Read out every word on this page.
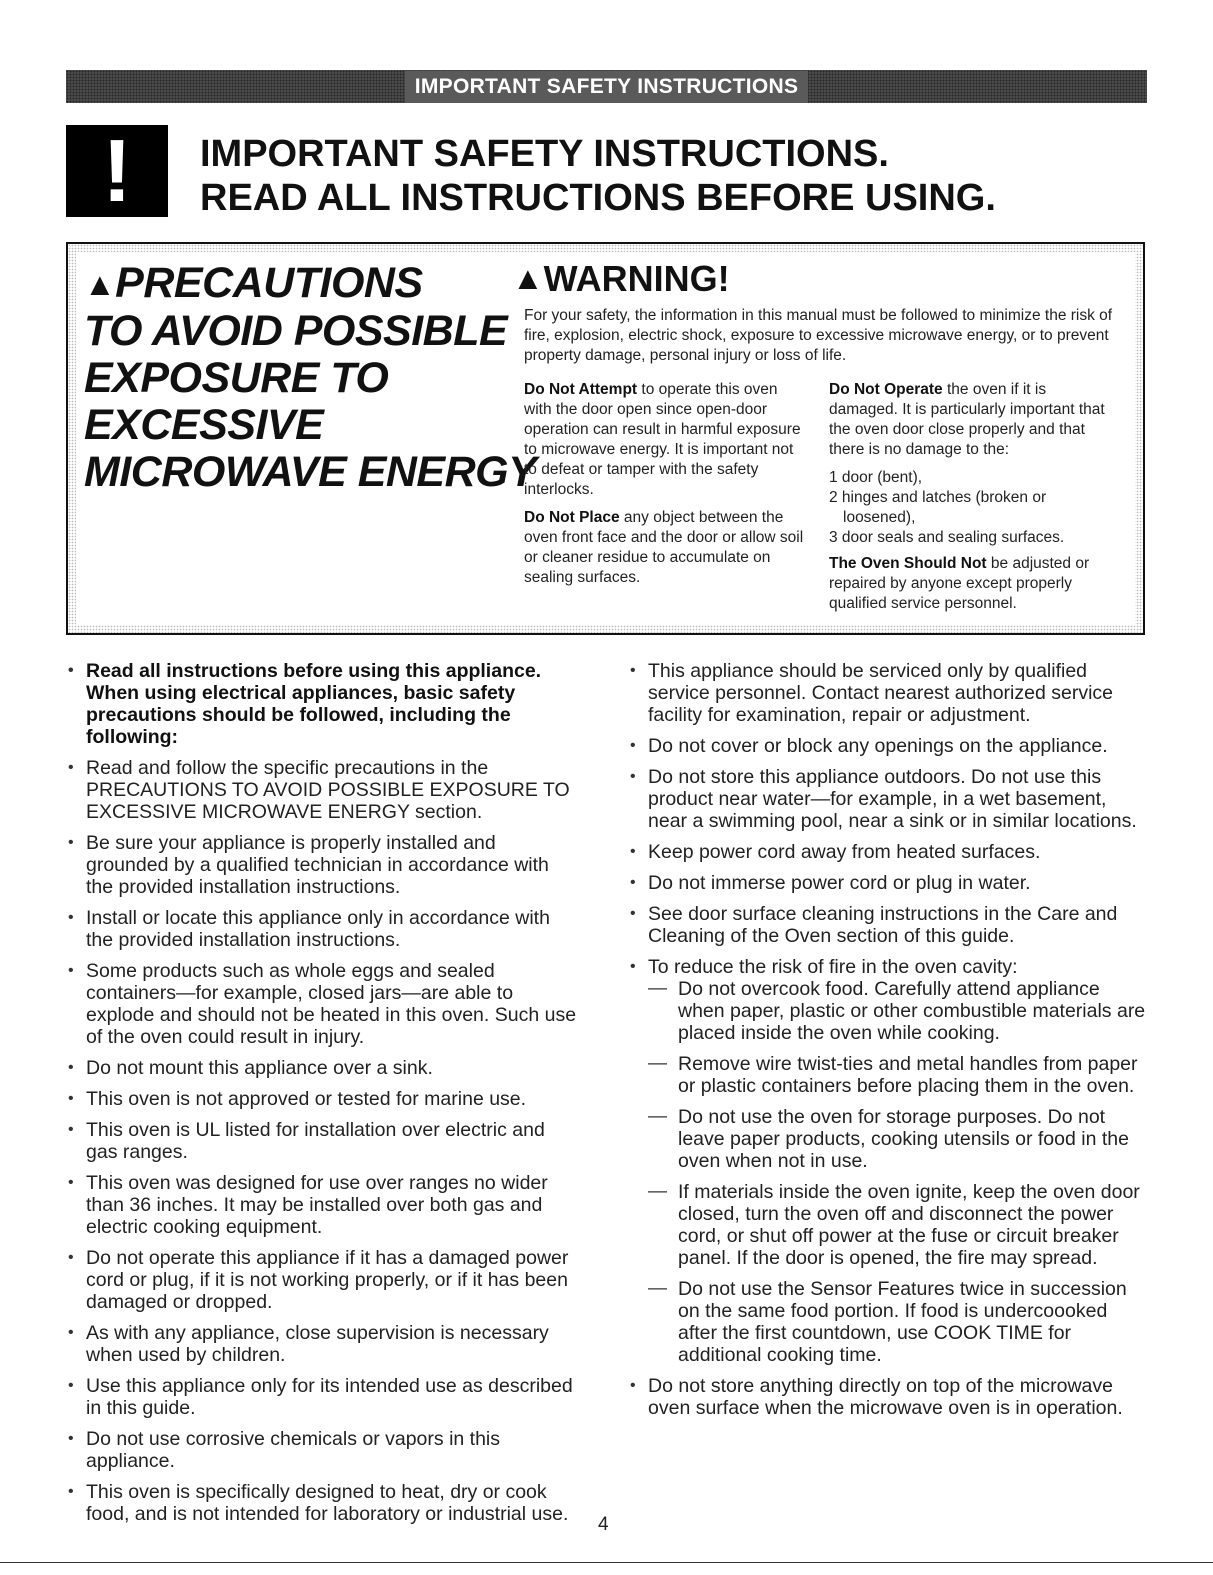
IMPORTANT SAFETY INSTRUCTIONS
! IMPORTANT SAFETY INSTRUCTIONS.
READ ALL INSTRUCTIONS BEFORE USING.
▲PRECAUTIONS
TO AVOID POSSIBLE
EXPOSURE TO
EXCESSIVE
MICROWAVE ENERGY
▲WARNING!
For your safety, the information in this manual must be followed to minimize the risk of fire, explosion, electric shock, exposure to excessive microwave energy, or to prevent property damage, personal injury or loss of life.

Do Not Attempt to operate this oven with the door open since open-door operation can result in harmful exposure to microwave energy. It is important not to defeat or tamper with the safety interlocks.

Do Not Place any object between the oven front face and the door or allow soil or cleaner residue to accumulate on sealing surfaces.

Do Not Operate the oven if it is damaged. It is particularly important that the oven door close properly and that there is no damage to the:

1 door (bent),
2 hinges and latches (broken or loosened),
3 door seals and sealing surfaces.

The Oven Should Not be adjusted or repaired by anyone except properly qualified service personnel.

• Read all instructions before using this appliance. When using electrical appliances, basic safety precautions should be followed, including the following:
• Read and follow the specific precautions in the PRECAUTIONS TO AVOID POSSIBLE EXPOSURE TO EXCESSIVE MICROWAVE ENERGY section.
• Be sure your appliance is properly installed and grounded by a qualified technician in accordance with the provided installation instructions.
• Install or locate this appliance only in accordance with the provided installation instructions.
• Some products such as whole eggs and sealed containers—for example, closed jars—are able to explode and should not be heated in this oven. Such use of the oven could result in injury.
• Do not mount this appliance over a sink.
• This oven is not approved or tested for marine use.
• This oven is UL listed for installation over electric and gas ranges.
• This oven was designed for use over ranges no wider than 36 inches. It may be installed over both gas and electric cooking equipment.
• Do not operate this appliance if it has a damaged power cord or plug, if it is not working properly, or if it has been damaged or dropped.
• As with any appliance, close supervision is necessary when used by children.
• Use this appliance only for its intended use as described in this guide.
• Do not use corrosive chemicals or vapors in this appliance.
• This oven is specifically designed to heat, dry or cook food, and is not intended for laboratory or industrial use.
• This appliance should be serviced only by qualified service personnel. Contact nearest authorized service facility for examination, repair or adjustment.
• Do not cover or block any openings on the appliance.
• Do not store this appliance outdoors. Do not use this product near water—for example, in a wet basement, near a swimming pool, near a sink or in similar locations.
• Keep power cord away from heated surfaces.
• Do not immerse power cord or plug in water.
• See door surface cleaning instructions in the Care and Cleaning of the Oven section of this guide.
• To reduce the risk of fire in the oven cavity:
— Do not overcook food. Carefully attend appliance when paper, plastic or other combustible materials are placed inside the oven while cooking.
— Remove wire twist-ties and metal handles from paper or plastic containers before placing them in the oven.
— Do not use the oven for storage purposes. Do not leave paper products, cooking utensils or food in the oven when not in use.
— If materials inside the oven ignite, keep the oven door closed, turn the oven off and disconnect the power cord, or shut off power at the fuse or circuit breaker panel. If the door is opened, the fire may spread.
— Do not use the Sensor Features twice in succession on the same food portion. If food is undercoooked after the first countdown, use COOK TIME for additional cooking time.
• Do not store anything directly on top of the microwave oven surface when the microwave oven is in operation.
4
